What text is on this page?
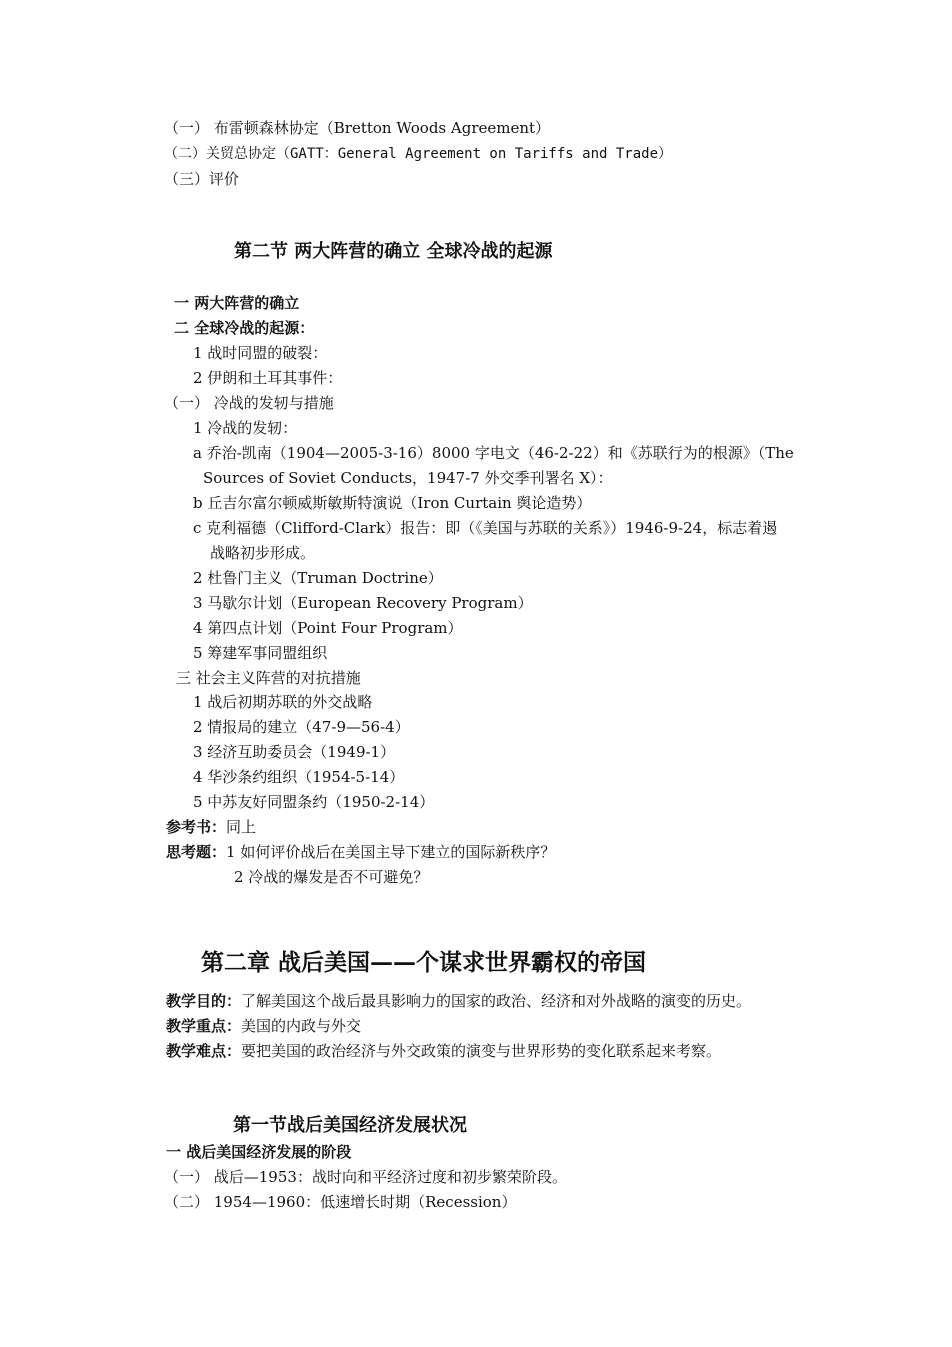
（一） 布雷顿森林协定（Bretton Woods Agreement）
（二）关贸总协定（GATT：General Agreement on Tariffs and Trade）
（三）评价
第二节 两大阵营的确立 全球冷战的起源
一 两大阵营的确立
二 全球冷战的起源：
1 战时同盟的破裂：
2 伊朗和土耳其事件：
（一） 冷战的发轫与措施
1 冷战的发轫：
a 乔治-凯南（1904—2005-3-16）8000 字电文（46-2-22）和《苏联行为的根源》（The
Sources of Soviet Conducts，1947-7 外交季刊署名 X）：
b 丘吉尔富尔顿威斯敏斯特演说（Iron Curtain 舆论造势）
c 克利福德（Clifford-Clark）报告：即（《美国与苏联的关系》）1946-9-24，标志着遏
战略初步形成。
2 杜鲁门主义（Truman Doctrine）
3 马歇尔计划（European Recovery Program）
4 第四点计划（Point Four Program）
5 筹建军事同盟组织
三 社会主义阵营的对抗措施
1 战后初期苏联的外交战略
2 情报局的建立（47-9—56-4）
3 经济互助委员会（1949-1）
4 华沙条约组织（1954-5-14）
5 中苏友好同盟条约（1950-2-14）
参考书：同上
思考题：1 如何评价战后在美国主导下建立的国际新秩序？
2 冷战的爆发是否不可避免？
第二章 战后美国——个谋求世界霸权的帝国
教学目的：了解美国这个战后最具影响力的国家的政治、经济和对外战略的演变的历史。
教学重点：美国的内政与外交
教学难点：要把美国的政治经济与外交政策的演变与世界形势的变化联系起来考察。
第一节战后美国经济发展状况
一 战后美国经济发展的阶段
（一） 战后—1953：战时向和平经济过度和初步繁荣阶段。
（二） 1954—1960：低速增长时期（Recession）
